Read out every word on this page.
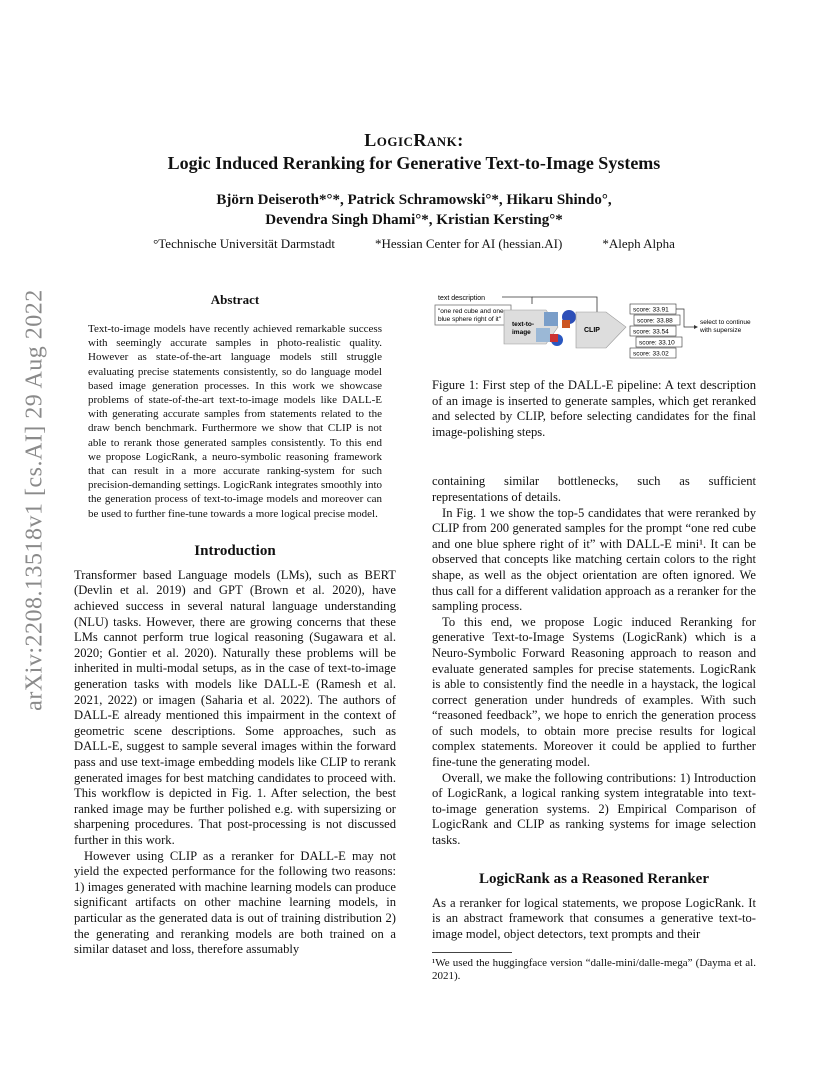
arXiv:2208.13518v1 [cs.AI] 29 Aug 2022
LogicRank:
Logic Induced Reranking for Generative Text-to-Image Systems
Björn Deiseroth*°*, Patrick Schramowski°*, Hikaru Shindo°,
Devendra Singh Dhami°*, Kristian Kersting°*
°Technische Universität Darmstadt	*Hessian Center for AI (hessian.AI)	*Aleph Alpha
Abstract
Text-to-image models have recently achieved remarkable success with seemingly accurate samples in photo-realistic quality. However as state-of-the-art language models still struggle evaluating precise statements consistently, so do language model based image generation processes. In this work we showcase problems of state-of-the-art text-to-image models like DALL-E with generating accurate samples from statements related to the draw bench benchmark. Furthermore we show that CLIP is not able to rerank those generated samples consistently. To this end we propose LogicRank, a neuro-symbolic reasoning framework that can result in a more accurate ranking-system for such precision-demanding settings. LogicRank integrates smoothly into the generation process of text-to-image models and moreover can be used to further fine-tune towards a more logical precise model.
Introduction

Transformer based Language models (LMs), such as BERT (Devlin et al. 2019) and GPT (Brown et al. 2020), have achieved success in several natural language understanding (NLU) tasks. However, there are growing concerns that these LMs cannot perform true logical reasoning (Sugawara et al. 2020; Gontier et al. 2020). Naturally these problems will be inherited in multi-modal setups, as in the case of text-to-image generation tasks with models like DALL-E (Ramesh et al. 2021, 2022) or imagen (Saharia et al. 2022). The authors of DALL-E already mentioned this impairment in the context of geometric scene descriptions. Some approaches, such as DALL-E, suggest to sample several images within the forward pass and use text-image embedding models like CLIP to rerank generated images for best matching candidates to proceed with. This workflow is depicted in Fig. 1. After selection, the best ranked image may be further polished e.g. with supersizing or sharpening procedures. That post-processing is not discussed further in this work.

However using CLIP as a reranker for DALL-E may not yield the expected performance for the following two reasons: 1) images generated with machine learning models can produce significant artifacts on other machine learning models, in particular as the generated data is out of training distribution 2) the generating and reranking models are both trained on a similar dataset and loss, therefore assumably

text description
"one red cube and one
blue sphere right of it"
text-to-
image	CLIP
score: 33.91
score: 33.88
score: 33.54
score: 33.10
score: 33.02
select to continue
with supersize
Figure 1: First step of the DALL-E pipeline: A text description of an image is inserted to generate samples, which get reranked and selected by CLIP, before selecting candidates for the final image-polishing steps.

containing similar bottlenecks, such as sufficient representations of details.

In Fig. 1 we show the top-5 candidates that were reranked by CLIP from 200 generated samples for the prompt “one red cube and one blue sphere right of it” with DALL-E mini¹. It can be observed that concepts like matching certain colors to the right shape, as well as the object orientation are often ignored. We thus call for a different validation approach as a reranker for the sampling process.

To this end, we propose Logic induced Reranking for generative Text-to-Image Systems (LogicRank) which is a Neuro-Symbolic Forward Reasoning approach to reason and evaluate generated samples for precise statements. LogicRank is able to consistently find the needle in a haystack, the logical correct generation under hundreds of examples. With such “reasoned feedback”, we hope to enrich the generation process of such models, to obtain more precise results for logical complex statements. Moreover it could be applied to further fine-tune the generating model.

Overall, we make the following contributions: 1) Introduction of LogicRank, a logical ranking system integratable into text-to-image generation systems. 2) Empirical Comparison of LogicRank and CLIP as ranking systems for image selection tasks.

LogicRank as a Reasoned Reranker

As a reranker for logical statements, we propose LogicRank. It is an abstract framework that consumes a generative text-to-image model, object detectors, text prompts and their

¹We used the huggingface version “dalle-mini/dalle-mega” (Dayma et al. 2021).
